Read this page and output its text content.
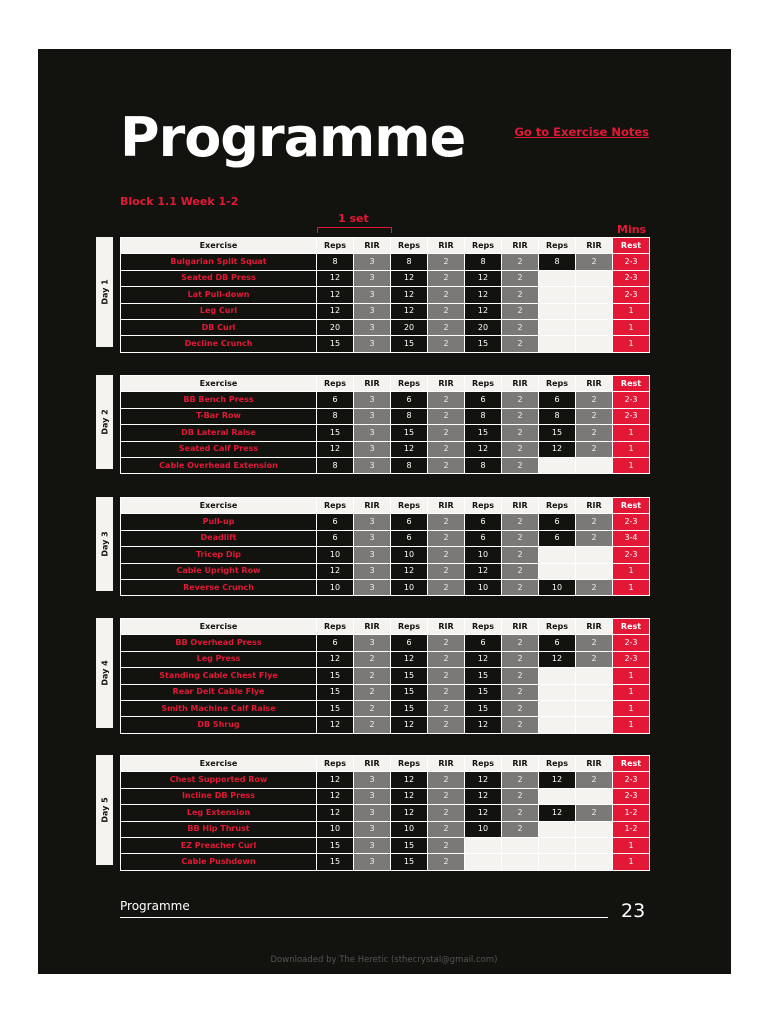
Programme	Go to Exercise Notes
Block 1.1 Week 1-2
1 set
Mins
Day 1
Exercise	Reps	RIR	Reps	RIR	Reps	RIR	Reps	RIR	Rest
Bulgarian Split Squat	8	3	8	2	8	2	8	2	2-3
Seated DB Press	12	3	12	2	12	2			2-3
Lat Pull-down	12	3	12	2	12	2			2-3
Leg Curl	12	3	12	2	12	2			1
DB Curl	20	3	20	2	20	2			1
Decline Crunch	15	3	15	2	15	2			1
Day 2
Exercise	Reps	RIR	Reps	RIR	Reps	RIR	Reps	RIR	Rest
BB Bench Press	6	3	6	2	6	2	6	2	2-3
T-Bar Row	8	3	8	2	8	2	8	2	2-3
DB Lateral Raise	15	3	15	2	15	2	15	2	1
Seated Calf Press	12	3	12	2	12	2	12	2	1
Cable Overhead Extension	8	3	8	2	8	2			1
Day 3
Exercise	Reps	RIR	Reps	RIR	Reps	RIR	Reps	RIR	Rest
Pull-up	6	3	6	2	6	2	6	2	2-3
Deadlift	6	3	6	2	6	2	6	2	3-4
Tricep Dip	10	3	10	2	10	2			2-3
Cable Upright Row	12	3	12	2	12	2			1
Reverse Crunch	10	3	10	2	10	2	10	2	1
Day 4
Exercise	Reps	RIR	Reps	RIR	Reps	RIR	Reps	RIR	Rest
BB Overhead Press	6	3	6	2	6	2	6	2	2-3
Leg Press	12	2	12	2	12	2	12	2	2-3
Standing Cable Chest Flye	15	2	15	2	15	2			1
Rear Delt Cable Flye	15	2	15	2	15	2			1
Smith Machine Calf Raise	15	2	15	2	15	2			1
DB Shrug	12	2	12	2	12	2			1
Day 5
Exercise	Reps	RIR	Reps	RIR	Reps	RIR	Reps	RIR	Rest
Chest Supported Row	12	3	12	2	12	2	12	2	2-3
Incline DB Press	12	3	12	2	12	2			2-3
Leg Extension	12	3	12	2	12	2	12	2	1-2
BB Hip Thrust	10	3	10	2	10	2			1-2
EZ Preacher Curl	15	3	15	2					1
Cable Pushdown	15	3	15	2					1
Programme	23
Downloaded by The Heretic (sthecrystal@gmail.com)
